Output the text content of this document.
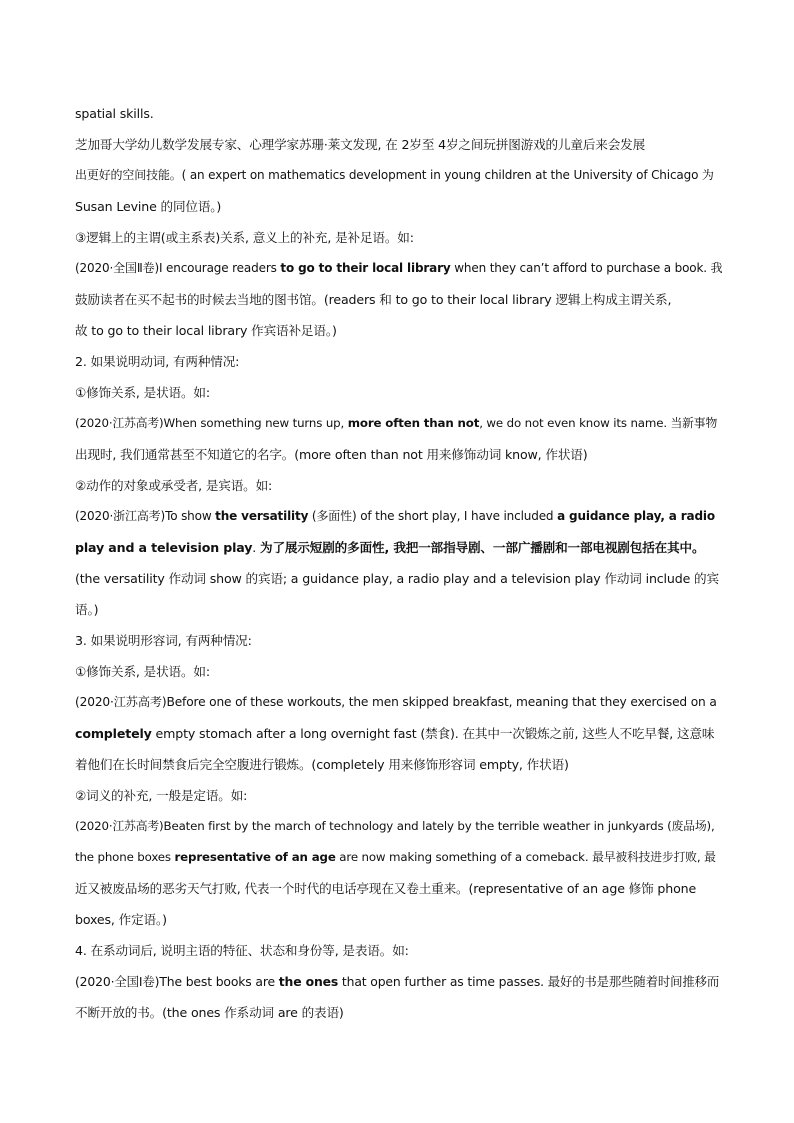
spatial skills.
芝加哥大学幼儿数学发展专家、心理学家苏珊·莱文发现, 在 2岁至 4岁之间玩拼图游戏的儿童后来会发展
出更好的空间技能。( an expert on mathematics development in young children at the University of Chicago 为
Susan Levine 的同位语。)
③逻辑上的主谓(或主系表)关系, 意义上的补充, 是补足语。如:
(2020·全国Ⅱ卷)I encourage readers to go to their local library when they can’t afford to purchase a book. 我
鼓励读者在买不起书的时候去当地的图书馆。(readers 和 to go to their local library 逻辑上构成主谓关系,
故 to go to their local library 作宾语补足语。)
2. 如果说明动词, 有两种情况:
①修饰关系, 是状语。如:
(2020·江苏高考)When something new turns up, more often than not, we do not even know its name. 当新事物
出现时, 我们通常甚至不知道它的名字。(more often than not 用来修饰动词 know, 作状语)
②动作的对象或承受者, 是宾语。如:
(2020·浙江高考)To show the versatility (多面性) of the short play, I have included a guidance play, a radio
play and a television play. 为了展示短剧的多面性, 我把一部指导剧、一部广播剧和一部电视剧包括在其中。
(the versatility 作动词 show 的宾语; a guidance play, a radio play and a television play 作动词 include 的宾
语。)
3. 如果说明形容词, 有两种情况:
①修饰关系, 是状语。如:
(2020·江苏高考)Before one of these workouts, the men skipped breakfast, meaning that they exercised on a
completely empty stomach after a long overnight fast (禁食). 在其中一次锻炼之前, 这些人不吃早餐, 这意味
着他们在长时间禁食后完全空腹进行锻炼。(completely 用来修饰形容词 empty, 作状语)
②词义的补充, 一般是定语。如:
(2020·江苏高考)Beaten first by the march of technology and lately by the terrible weather in junkyards (废品场),
the phone boxes representative of an age are now making something of a comeback. 最早被科技进步打败, 最
近又被废品场的恶劣天气打败, 代表一个时代的电话亭现在又卷土重来。(representative of an age 修饰 phone
boxes, 作定语。)
4. 在系动词后, 说明主语的特征、状态和身份等, 是表语。如:
(2020·全国Ⅰ卷)The best books are the ones that open further as time passes. 最好的书是那些随着时间推移而
不断开放的书。(the ones 作系动词 are 的表语)
